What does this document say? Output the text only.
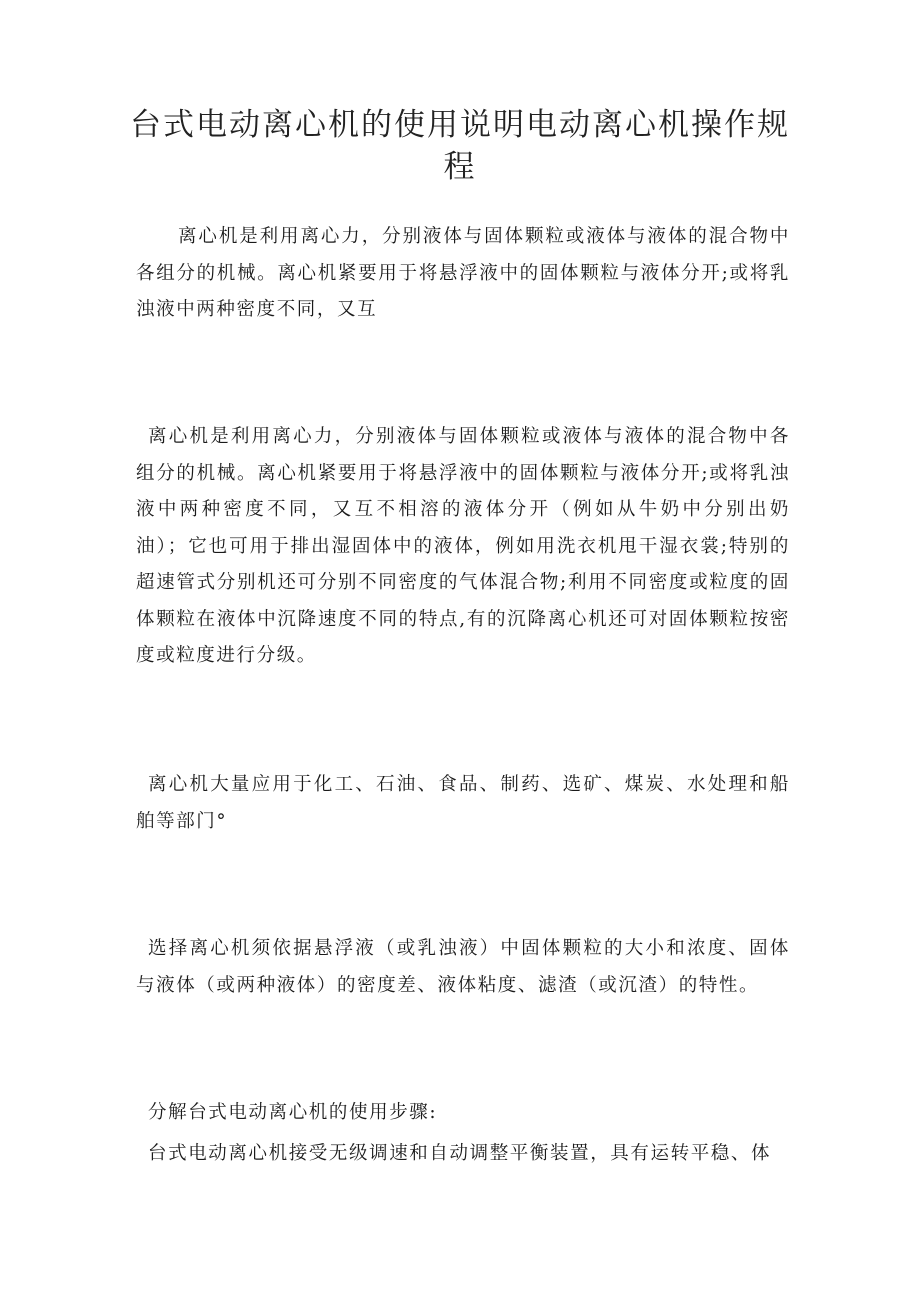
台式电动离心机的使用说明电动离心机操作规程

离心机是利用离心力，分别液体与固体颗粒或液体与液体的混合物中各组分的机械。离心机紧要用于将悬浮液中的固体颗粒与液体分开;或将乳浊液中两种密度不同，又互

离心机是利用离心力，分别液体与固体颗粒或液体与液体的混合物中各组分的机械。离心机紧要用于将悬浮液中的固体颗粒与液体分开;或将乳浊液中两种密度不同，又互不相溶的液体分开（例如从牛奶中分别出奶油）；它也可用于排出湿固体中的液体，例如用洗衣机甩干湿衣裳;特别的超速管式分别机还可分别不同密度的气体混合物;利用不同密度或粒度的固体颗粒在液体中沉降速度不同的特点,有的沉降离心机还可对固体颗粒按密度或粒度进行分级。

离心机大量应用于化工、石油、食品、制药、选矿、煤炭、水处理和船舶等部门°

选择离心机须依据悬浮液（或乳浊液）中固体颗粒的大小和浓度、固体与液体（或两种液体）的密度差、液体粘度、滤渣（或沉渣）的特性。

分解台式电动离心机的使用步骤:

台式电动离心机接受无级调速和自动调整平衡装置，具有运转平稳、体
